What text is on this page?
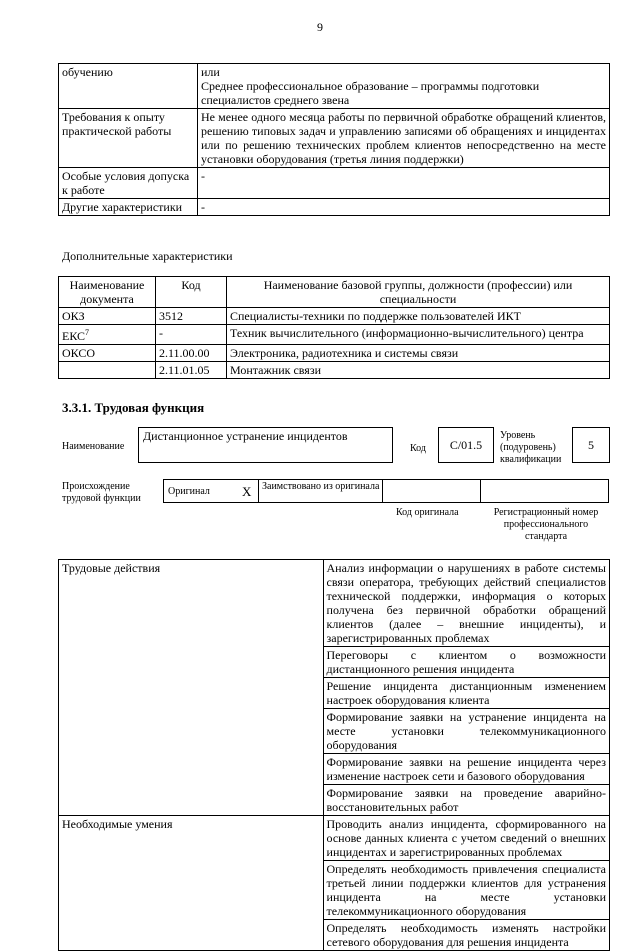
9
обучению	или
Среднее профессиональное образование – программы подготовки специалистов среднего звена

Требования к опыту практической работы	Не менее одного месяца работы по первичной обработке обращений клиентов, решению типовых задач и управлению записями об обращениях и инцидентах или по решению технических проблем клиентов непосредственно на месте установки оборудования (третья линия поддержки)
Особые условия допуска к работе	-
Другие характеристики	-
Дополнительные характеристики
Наименование документа	Код	Наименование базовой группы, должности (профессии) или специальности
ОКЗ	3512	Специалисты-техники по поддержке пользователей ИКТ
ЕКС$^7$	-	Техник вычислительного (информационно-вычислительного) центра
ОКСО	2.11.00.00	Электроника, радиотехника и системы связи
	2.11.01.05	Монтажник связи
3.3.1. Трудовая функция
Наименование
Дистанционное устранение инцидентов
Код	C/01.5
Уровень (подуровень) квалификации
5
Происхождение трудовой функции
Оригинал X Заимствовано из оригинала
Код оригинала	Регистрационный номер профессионального стандарта
Трудовые действия	Анализ информации о нарушениях в работе системы связи оператора, требующих действий специалистов технической поддержки, информация о которых получена без первичной обработки обращений клиентов (далее – внешние инциденты), и зарегистрированных проблемах
	Переговоры с клиентом о возможности дистанционного решения инцидента
	Решение инцидента дистанционным изменением настроек оборудования клиента
	Формирование заявки на устранение инцидента на месте установки телекоммуникационного оборудования
	Формирование заявки на решение инцидента через изменение настроек сети и базового оборудования
	Формирование заявки на проведение аварийно-восстановительных работ
Необходимые умения	Проводить анализ инцидента, сформированного на основе данных клиента с учетом сведений о внешних инцидентах и зарегистрированных проблемах
	Определять необходимость привлечения специалиста третьей линии поддержки клиентов для устранения инцидента на месте установки телекоммуникационного оборудования
	Определять необходимость изменять настройки сетевого оборудования для решения инцидента
